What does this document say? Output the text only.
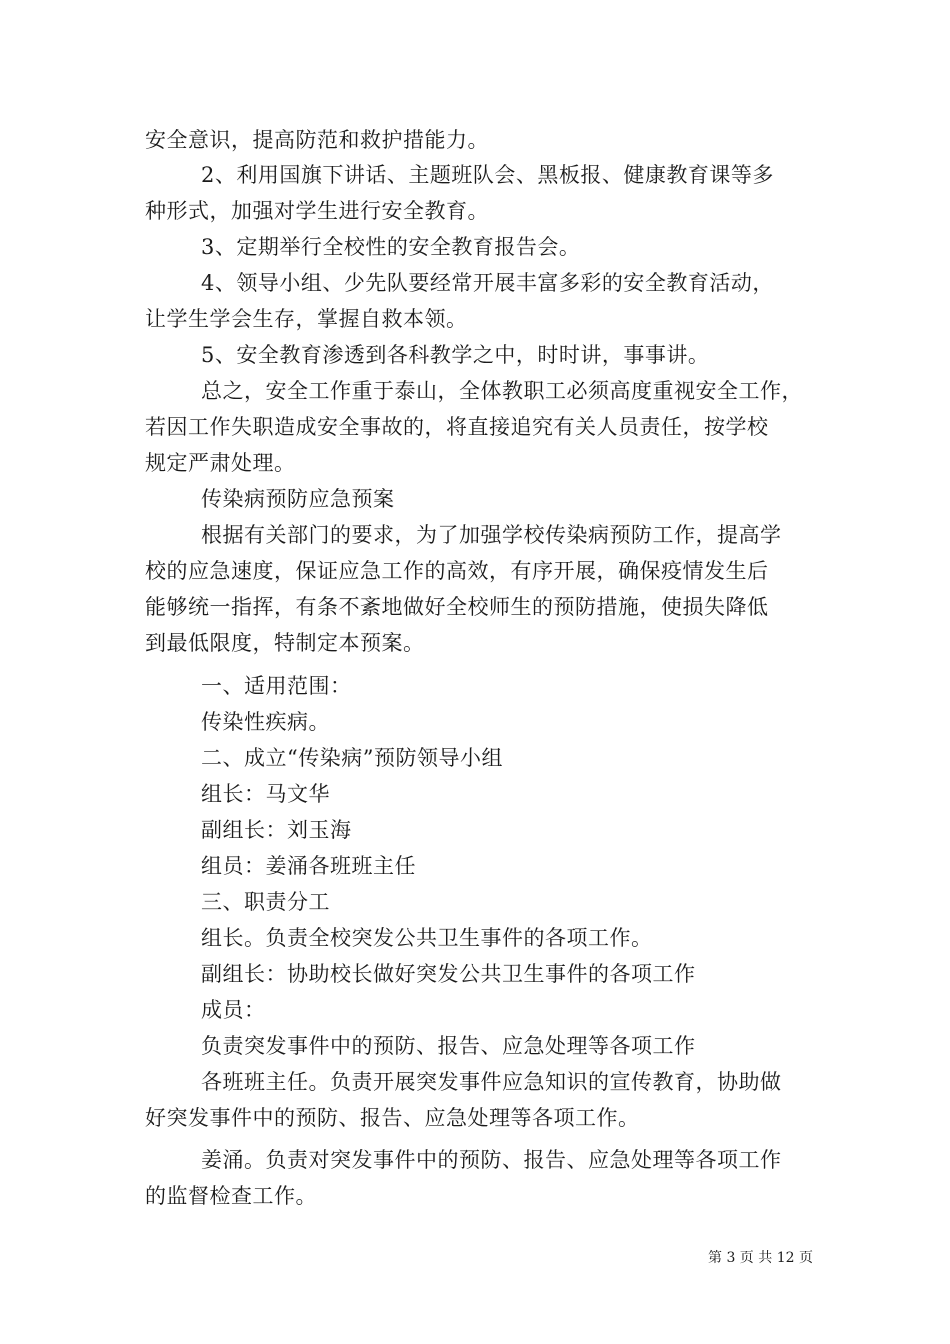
安全意识，提高防范和救护措能力。
2、利用国旗下讲话、主题班队会、黑板报、健康教育课等多
种形式，加强对学生进行安全教育。
3、定期举行全校性的安全教育报告会。
4、领导小组、少先队要经常开展丰富多彩的安全教育活动，
让学生学会生存，掌握自救本领。
5、安全教育渗透到各科教学之中，时时讲，事事讲。
总之，安全工作重于泰山，全体教职工必须高度重视安全工作，
若因工作失职造成安全事故的，将直接追究有关人员责任，按学校
规定严肃处理。
传染病预防应急预案
根据有关部门的要求，为了加强学校传染病预防工作，提高学
校的应急速度，保证应急工作的高效，有序开展，确保疫情发生后
能够统一指挥，有条不紊地做好全校师生的预防措施，使损失降低
到最低限度，特制定本预案。
一、适用范围：
传染性疾病。
二、成立“传染病”预防领导小组
组长：马文华
副组长：刘玉海
组员：姜涌各班班主任
三、职责分工
组长。负责全校突发公共卫生事件的各项工作。
副组长：协助校长做好突发公共卫生事件的各项工作
成员：
负责突发事件中的预防、报告、应急处理等各项工作
各班班主任。负责开展突发事件应急知识的宣传教育，协助做
好突发事件中的预防、报告、应急处理等各项工作。
姜涌。负责对突发事件中的预防、报告、应急处理等各项工作
的监督检查工作。
第 3 页 共 12 页
